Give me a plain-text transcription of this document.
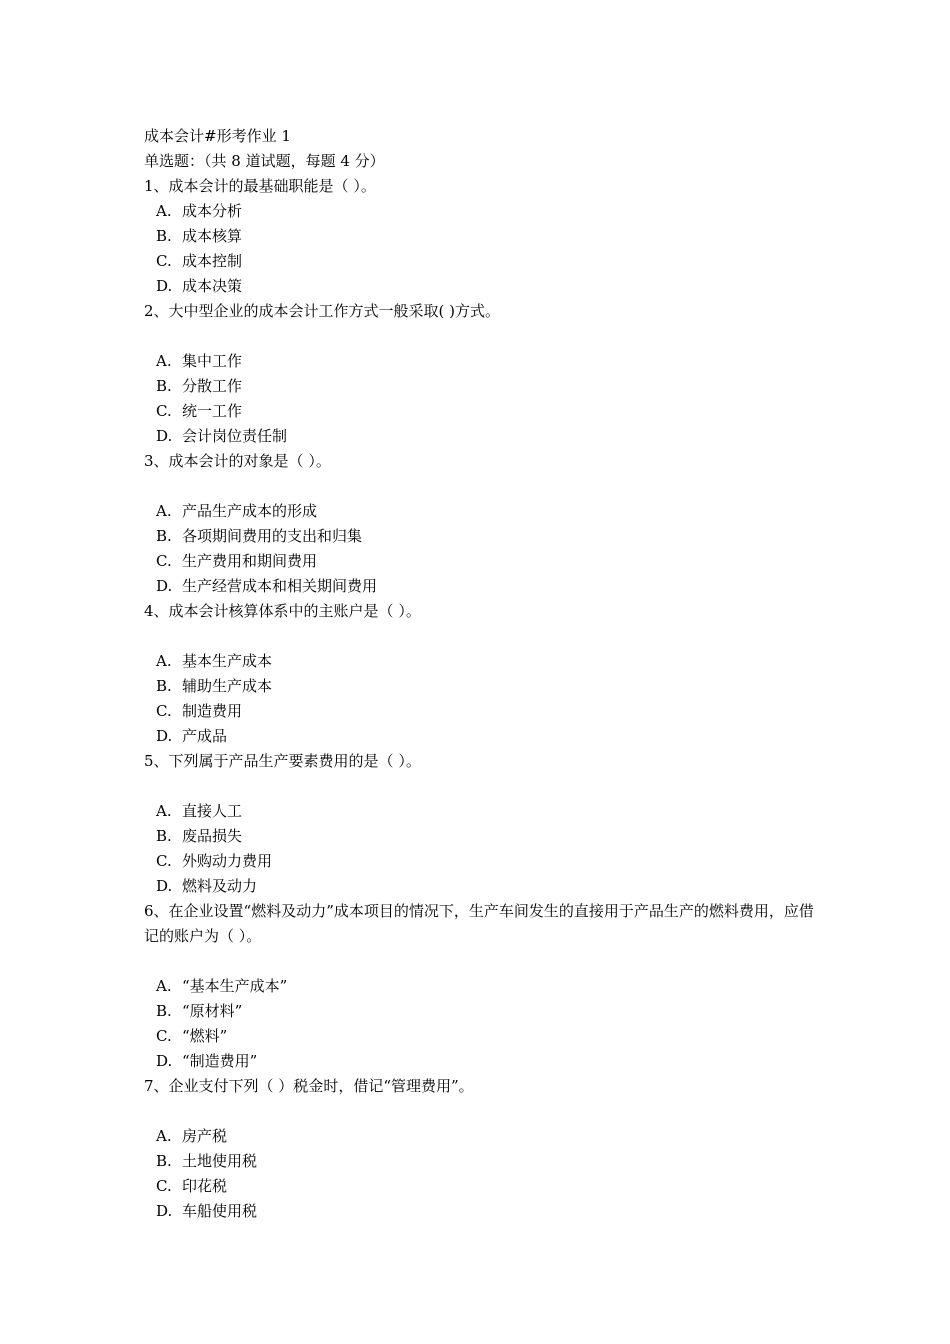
成本会计#形考作业 1
单选题：（共 8 道试题，每题 4 分）
1、成本会计的最基础职能是（ ）。
A. 成本分析
B. 成本核算
C. 成本控制
D. 成本决策
2、大中型企业的成本会计工作方式一般采取( )方式。
A. 集中工作
B. 分散工作
C. 统一工作
D. 会计岗位责任制
3、成本会计的对象是（ ）。
A. 产品生产成本的形成
B. 各项期间费用的支出和归集
C. 生产费用和期间费用
D. 生产经营成本和相关期间费用
4、成本会计核算体系中的主账户是（ ）。
A. 基本生产成本
B. 辅助生产成本
C. 制造费用
D. 产成品
5、下列属于产品生产要素费用的是（ ）。
A. 直接人工
B. 废品损失
C. 外购动力费用
D. 燃料及动力
6、在企业设置“燃料及动力”成本项目的情况下，生产车间发生的直接用于产品生产的燃料费用，应借记的账户为（ ）。
A. “基本生产成本”
B. “原材料”
C. “燃料”
D. “制造费用”
7、企业支付下列（ ）税金时，借记“管理费用”。
A. 房产税
B. 土地使用税
C. 印花税
D. 车船使用税
